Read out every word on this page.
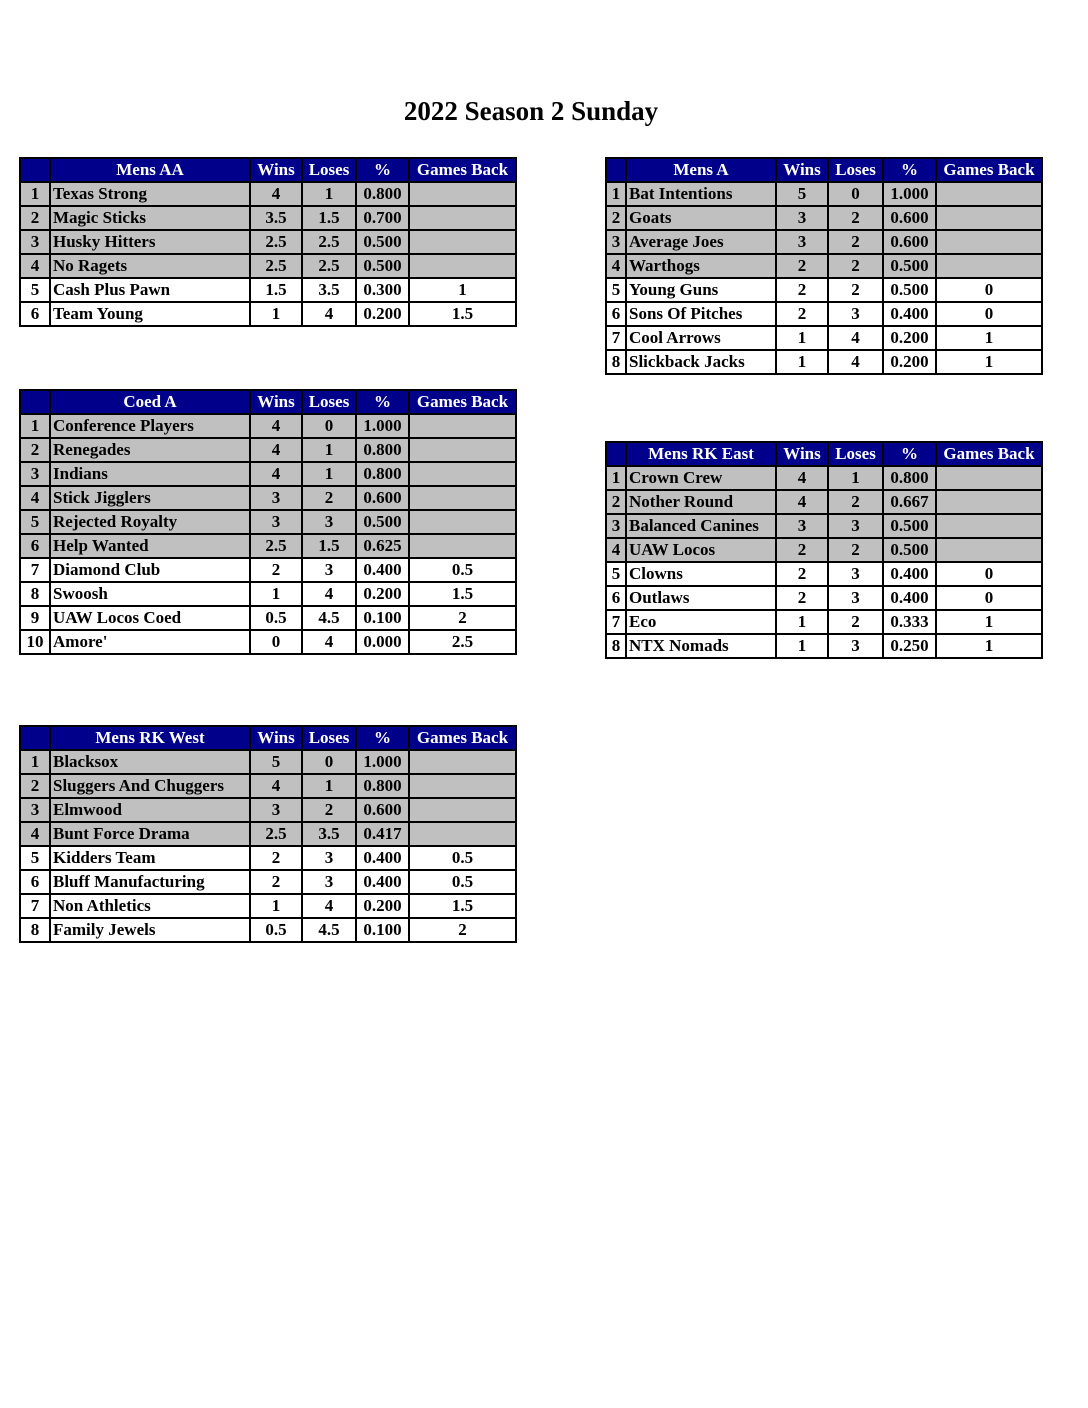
2022 Season 2 Sunday
	Mens AA	Wins	Loses	%	Games Back
1	Texas Strong	4	1	0.800	
2	Magic Sticks	3.5	1.5	0.700	
3	Husky Hitters	2.5	2.5	0.500	
4	No Ragets	2.5	2.5	0.500	
5	Cash Plus Pawn	1.5	3.5	0.300	1
6	Team Young	1	4	0.200	1.5
	Coed A	Wins	Loses	%	Games Back
1	Conference Players	4	0	1.000	
2	Renegades	4	1	0.800	
3	Indians	4	1	0.800	
4	Stick Jigglers	3	2	0.600	
5	Rejected Royalty	3	3	0.500	
6	Help Wanted	2.5	1.5	0.625	
7	Diamond Club	2	3	0.400	0.5
8	Swoosh	1	4	0.200	1.5
9	UAW Locos Coed	0.5	4.5	0.100	2
10	Amore'	0	4	0.000	2.5
	Mens RK West	Wins	Loses	%	Games Back
1	Blacksox	5	0	1.000	
2	Sluggers And Chuggers	4	1	0.800	
3	Elmwood	3	2	0.600	
4	Bunt Force Drama	2.5	3.5	0.417	
5	Kidders Team	2	3	0.400	0.5
6	Bluff Manufacturing	2	3	0.400	0.5
7	Non Athletics	1	4	0.200	1.5
8	Family Jewels	0.5	4.5	0.100	2
	Mens A	Wins	Loses	%	Games Back
1	Bat Intentions	5	0	1.000	
2	Goats	3	2	0.600	
3	Average Joes	3	2	0.600	
4	Warthogs	2	2	0.500	
5	Young Guns	2	2	0.500	0
6	Sons Of Pitches	2	3	0.400	0
7	Cool Arrows	1	4	0.200	1
8	Slickback Jacks	1	4	0.200	1
	Mens RK East	Wins	Loses	%	Games Back
1	Crown Crew	4	1	0.800	
2	Nother Round	4	2	0.667	
3	Balanced Canines	3	3	0.500	
4	UAW Locos	2	2	0.500	
5	Clowns	2	3	0.400	0
6	Outlaws	2	3	0.400	0
7	Eco	1	2	0.333	1
8	NTX Nomads	1	3	0.250	1
